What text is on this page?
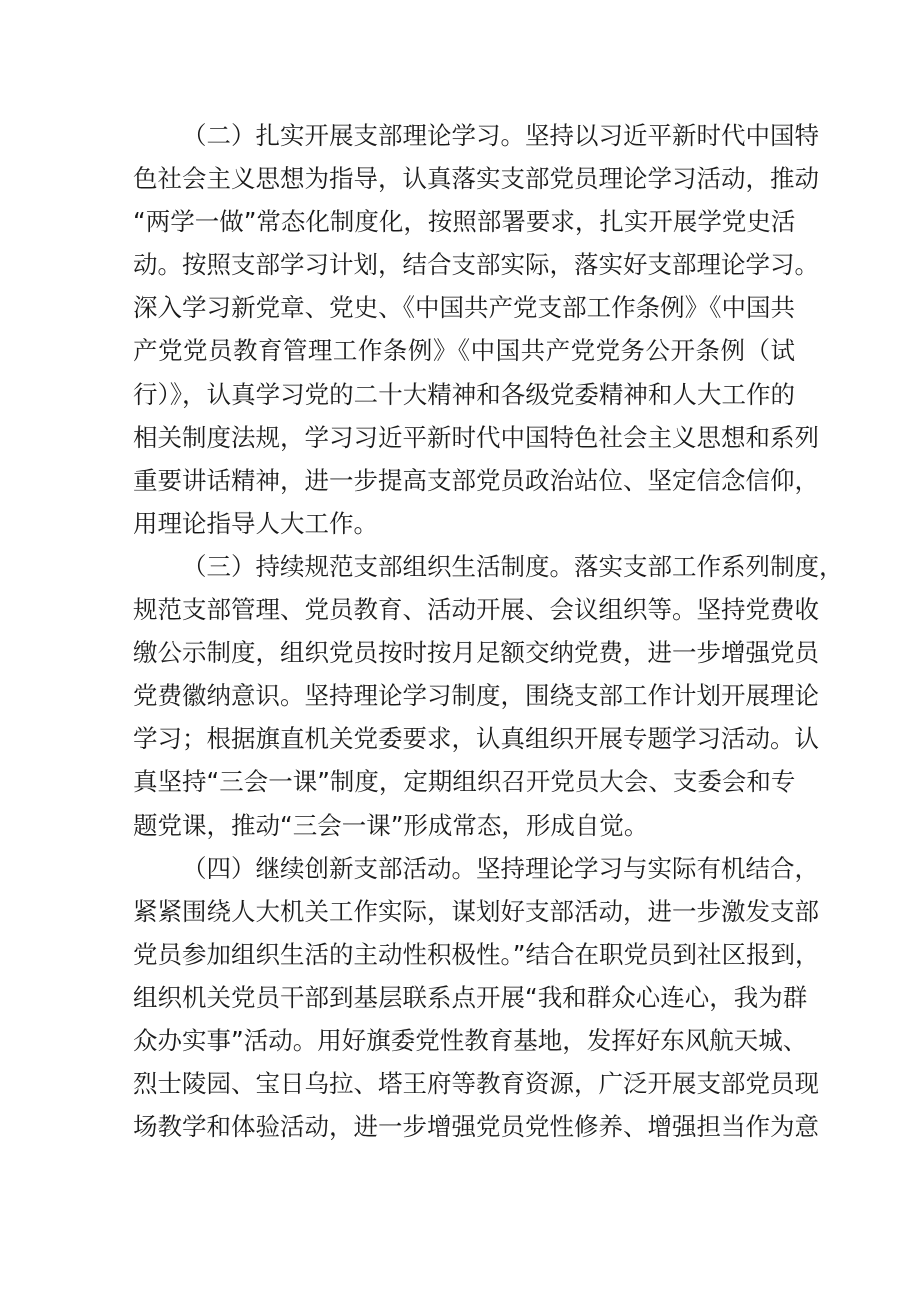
（二）扎实开展支部理论学习。坚持以习近平新时代中国特
色社会主义思想为指导，认真落实支部党员理论学习活动，推动
“两学一做”常态化制度化，按照部署要求，扎实开展学党史活
动。按照支部学习计划，结合支部实际，落实好支部理论学习。
深入学习新党章、党史、《中国共产党支部工作条例》《中国共
产党党员教育管理工作条例》《中国共产党党务公开条例（试
行）》，认真学习党的二十大精神和各级党委精神和人大工作的
相关制度法规，学习习近平新时代中国特色社会主义思想和系列
重要讲话精神，进一步提高支部党员政治站位、坚定信念信仰，
用理论指导人大工作。
（三）持续规范支部组织生活制度。落实支部工作系列制度，
规范支部管理、党员教育、活动开展、会议组织等。坚持党费收
缴公示制度，组织党员按时按月足额交纳党费，进一步增强党员
党费徽纳意识。坚持理论学习制度，围绕支部工作计划开展理论
学习；根据旗直机关党委要求，认真组织开展专题学习活动。认
真坚持“三会一课”制度，定期组织召开党员大会、支委会和专
题党课，推动“三会一课”形成常态，形成自觉。
（四）继续创新支部活动。坚持理论学习与实际有机结合，
紧紧围绕人大机关工作实际，谋划好支部活动，进一步激发支部
党员参加组织生活的主动性积极性。”结合在职党员到社区报到，
组织机关党员干部到基层联系点开展“我和群众心连心，我为群
众办实事”活动。用好旗委党性教育基地，发挥好东风航天城、
烈士陵园、宝日乌拉、塔王府等教育资源，广泛开展支部党员现
场教学和体验活动，进一步增强党员党性修养、增强担当作为意
